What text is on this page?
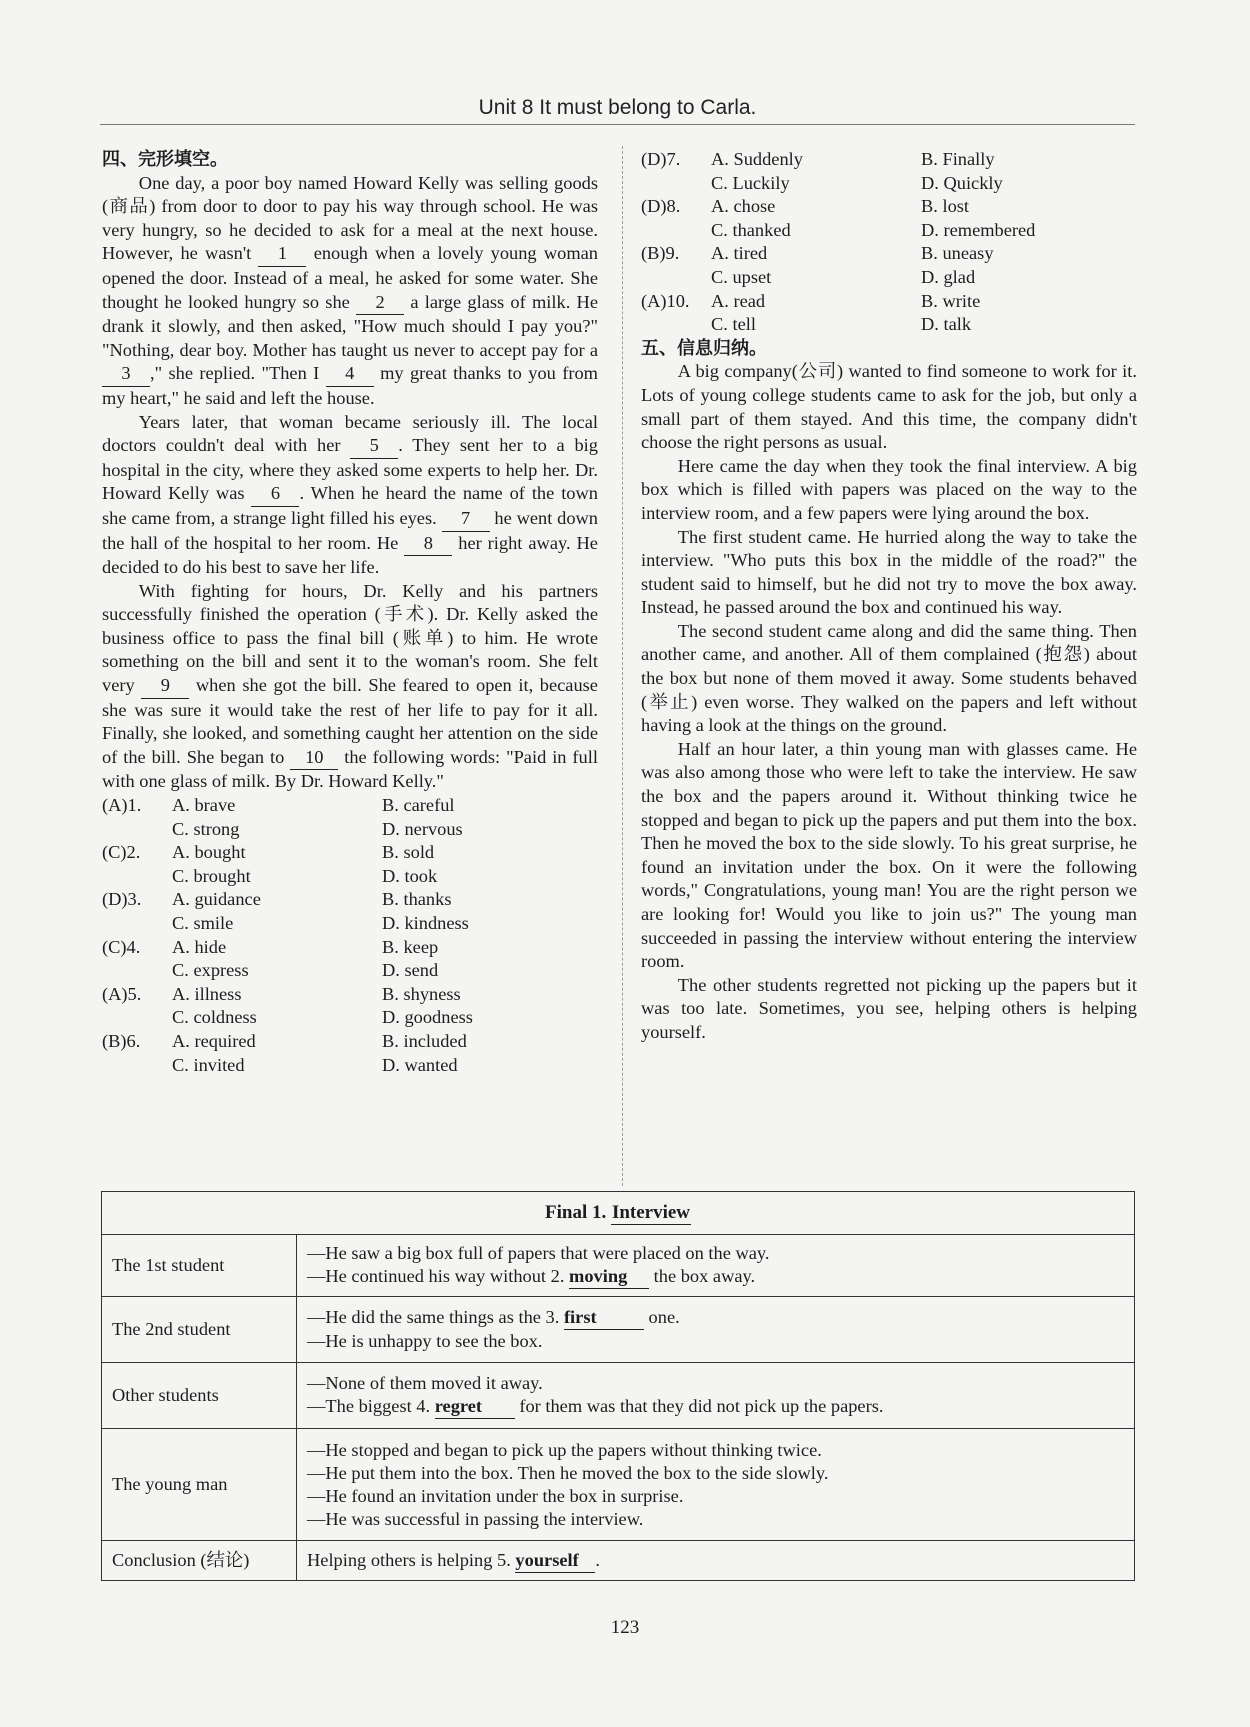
Unit 8 It must belong to Carla.
四、完形填空。

One day, a poor boy named Howard Kelly was selling goods (商品) from door to door to pay his way through school. He was very hungry, so he decided to ask for a meal at the next house. However, he wasn't 1 enough when a lovely young woman opened the door. Instead of a meal, he asked for some water. She thought he looked hungry so she 2 a large glass of milk. He drank it slowly, and then asked, "How much should I pay you?" "Nothing, dear boy. Mother has taught us never to accept pay for a 3 ," she replied. "Then I 4 my great thanks to you from my heart," he said and left the house.

Years later, that woman became seriously ill. The local doctors couldn't deal with her 5 . They sent her to a big hospital in the city, where they asked some experts to help her. Dr. Howard Kelly was 6 . When he heard the name of the town she came from, a strange light filled his eyes. 7 he went down the hall of the hospital to her room. He 8 her right away. He decided to do his best to save her life.

With fighting for hours, Dr. Kelly and his partners successfully finished the operation (手术). Dr. Kelly asked the business office to pass the final bill (账单) to him. He wrote something on the bill and sent it to the woman's room. She felt very 9 when she got the bill. She feared to open it, because she was sure it would take the rest of her life to pay for it all. Finally, she looked, and something caught her attention on the side of the bill. She began to 10 the following words: "Paid in full with one glass of milk. By Dr. Howard Kelly."

(A)1.	A. brave	B. careful
C. strong	D. nervous
(C)2.	A. bought	B. sold
C. brought	D. took
(D)3.	A. guidance	B. thanks
C. smile	D. kindness
(C)4.	A. hide	B. keep
C. express	D. send
(A)5.	A. illness	B. shyness
C. coldness	D. goodness
(B)6.	A. required	B. included
C. invited	D. wanted
(D)7.	A. Suddenly	B. Finally
C. Luckily	D. Quickly
(D)8.	A. chose	B. lost
C. thanked	D. remembered
(B)9.	A. tired	B. uneasy
C. upset	D. glad
(A)10.	A. read	B. write
C. tell	D. talk
五、信息归纳。

A big company(公司) wanted to find someone to work for it. Lots of young college students came to ask for the job, but only a small part of them stayed. And this time, the company didn't choose the right persons as usual.

Here came the day when they took the final interview. A big box which is filled with papers was placed on the way to the interview room, and a few papers were lying around the box.

The first student came. He hurried along the way to take the interview. "Who puts this box in the middle of the road?" the student said to himself, but he did not try to move the box away. Instead, he passed around the box and continued his way.

The second student came along and did the same thing. Then another came, and another. All of them complained (抱怨) about the box but none of them moved it away. Some students behaved (举止) even worse. They walked on the papers and left without having a look at the things on the ground.

Half an hour later, a thin young man with glasses came. He was also among those who were left to take the interview. He saw the box and the papers around it. Without thinking twice he stopped and began to pick up the papers and put them into the box. Then he moved the box to the side slowly. To his great surprise, he found an invitation under the box. On it were the following words," Congratulations, young man! You are the right person we are looking for! Would you like to join us?" The young man succeeded in passing the interview without entering the interview room.

The other students regretted not picking up the papers but it was too late. Sometimes, you see, helping others is helping yourself.

Final 1. Interview	
The 1st student	—He saw a big box full of papers that were placed on the way.
—He continued his way without 2. moving the box away.

The 2nd student	—He did the same things as the 3. first one.
—He is unhappy to see the box.

Other students	—None of them moved it away.
—The biggest 4. regret for them was that they did not pick up the papers.

The young man	—He stopped and began to pick up the papers without thinking twice.
—He put them into the box. Then he moved the box to the side slowly.
—He found an invitation under the box in surprise.
—He was successful in passing the interview.

Conclusion (结论)	Helping others is helping 5. yourself .
123
